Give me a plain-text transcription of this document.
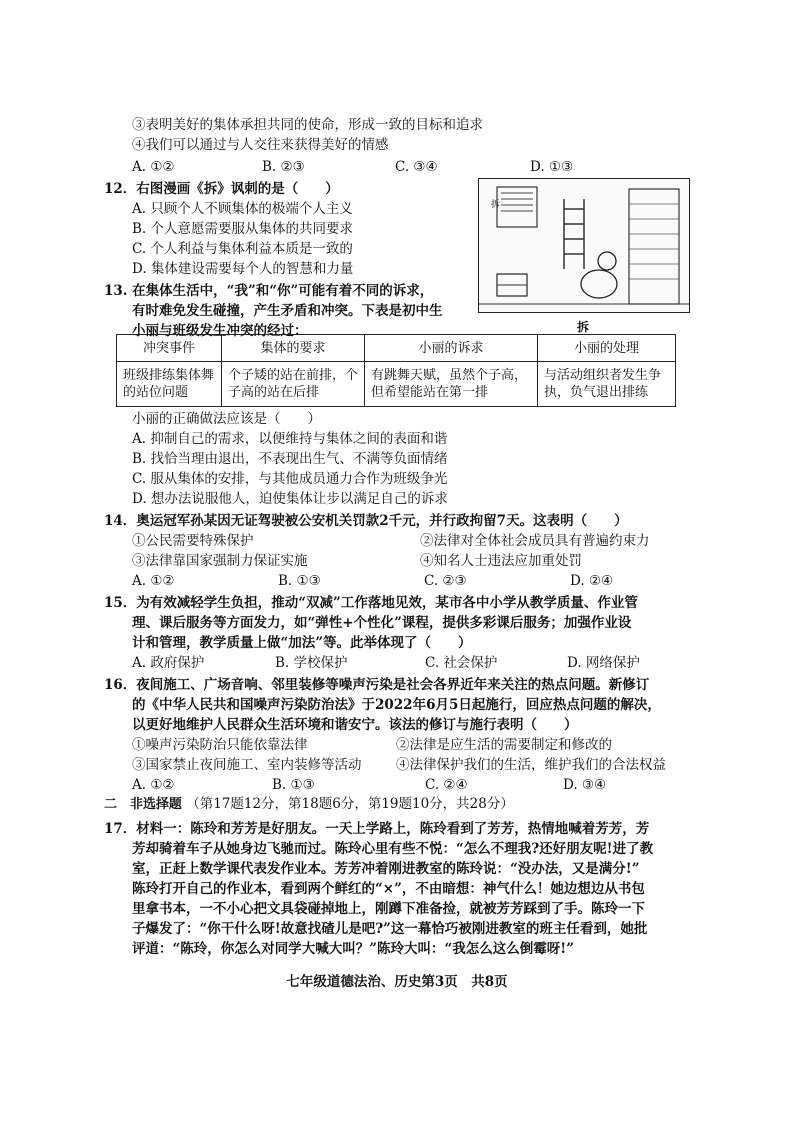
③表明美好的集体承担共同的使命，形成一致的目标和追求
④我们可以通过与人交往来获得美好的情感
A. ①②	B. ②③	C. ③④	D. ①③
12．右图漫画《拆》讽刺的是（　　）
A. 只顾个人不顾集体的极端个人主义
B. 个人意愿需要服从集体的共同要求
C. 个人利益与集体利益本质是一致的
D. 集体建设需要每个人的智慧和力量
拆
拆
13. 在集体生活中，“我”和“你”可能有着不同的诉求，
有时难免发生碰撞，产生矛盾和冲突。下表是初中生
小丽与班级发生冲突的经过：
冲突事件	集体的要求	小丽的诉求	小丽的处理
班级排练集体舞的站位问题	个子矮的站在前排，个子高的站在后排	有跳舞天赋，虽然个子高，但希望能站在第一排	与活动组织者发生争执，负气退出排练
小丽的正确做法应该是（　　）
A. 抑制自己的需求，以便维持与集体之间的表面和谐
B. 找恰当理由退出，不表现出生气、不满等负面情绪
C. 服从集体的安排，与其他成员通力合作为班级争光
D. 想办法说服他人，迫使集体让步以满足自己的诉求
14．奥运冠军孙某因无证驾驶被公安机关罚款2千元，并行政拘留7天。这表明（　　）
①公民需要特殊保护	②法律对全体社会成员具有普遍约束力
③法律靠国家强制力保证实施	④知名人士违法应加重处罚
A. ①②	B. ①③	C. ②③	D. ②④
15．为有效减轻学生负担，推动“双减”工作落地见效，某市各中小学从教学质量、作业管
理、课后服务等方面发力，如“弹性+个性化”课程，提供多彩课后服务；加强作业设
计和管理，教学质量上做“加法”等。此举体现了（　　）
A. 政府保护	B. 学校保护	C. 社会保护	D. 网络保护
16．夜间施工、广场音响、邻里装修等噪声污染是社会各界近年来关注的热点问题。新修订
的《中华人民共和国噪声污染防治法》于2022年6月5日起施行，回应热点问题的解决，
以更好地维护人民群众生活环境和谐安宁。该法的修订与施行表明（　　）
①噪声污染防治只能依靠法律	②法律是应生活的需要制定和修改的
③国家禁止夜间施工、室内装修等活动	④法律保护我们的生活，维护我们的合法权益
A. ①②	B. ①③	C. ②④	D. ③④
二 非选择题 （第17题12分，第18题6分，第19题10分，共28分）
17．材料一：陈玲和芳芳是好朋友。一天上学路上，陈玲看到了芳芳，热情地喊着芳芳，芳
芳却骑着车子从她身边飞驰而过。陈玲心里有些不悦：“怎么不理我?还好朋友呢!进了教
室，正赶上数学课代表发作业本。芳芳冲着刚进教室的陈玲说：“没办法，又是满分!”
陈玲打开自己的作业本，看到两个鲜红的“×”，不由暗想：神气什么！她边想边从书包
里拿书本，一不小心把文具袋碰掉地上，刚蹲下准备捡，就被芳芳踩到了手。陈玲一下
子爆发了：“你干什么呀!故意找碴儿是吧?”这一幕恰巧被刚进教室的班主任看到，她批
评道：“陈玲，你怎么对同学大喊大叫？”陈玲大叫：“我怎么这么倒霉呀!”
七年级道德法治、历史第3页　共8页
